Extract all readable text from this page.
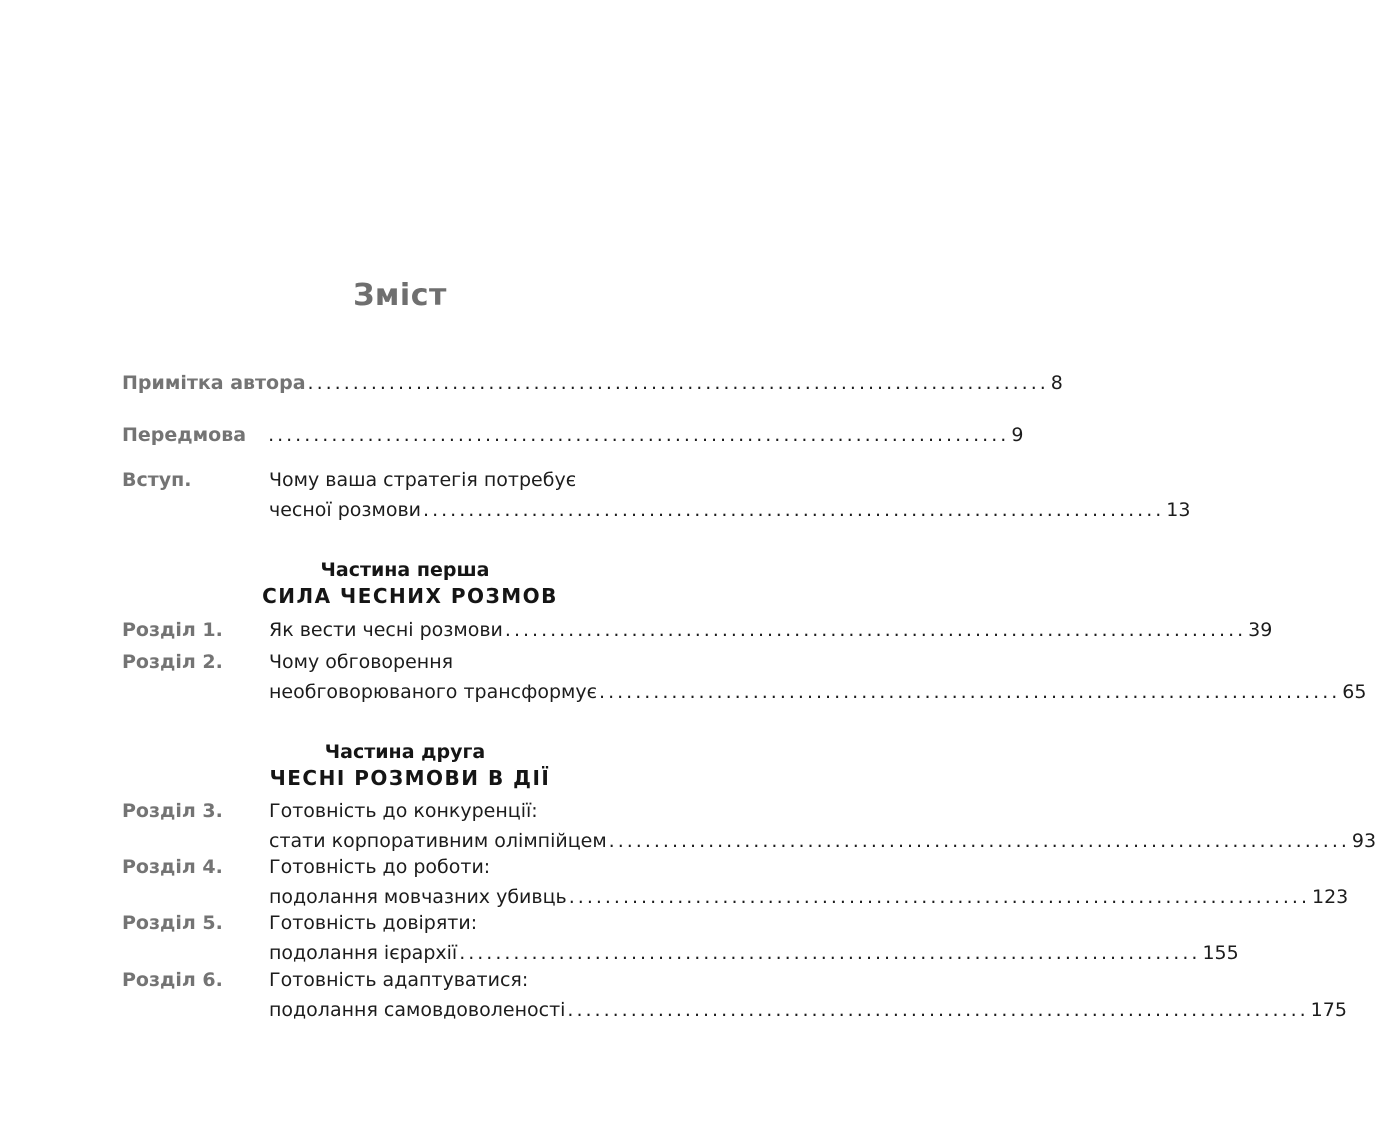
Зміст
Примітка автора .................................................................................. 8
Передмова .................................................................................. 9
Вступ.	Чому ваша стратегія потребує
чесної розмови .................................................................................. 13
Частина перша
СИЛА ЧЕСНИХ РОЗМОВ
Розділ 1. Як вести чесні розмови .................................................................................. 39
Розділ 2. Чому обговорення
необговорюваного трансформує .................................................................................. 65
Частина друга
ЧЕСНІ РОЗМОВИ В ДІЇ
Розділ 3. Готовність до конкуренції:
стати корпоративним олімпійцем .................................................................................. 93
Розділ 4. Готовність до роботи:
подолання мовчазних убивць .................................................................................. 123
Розділ 5. Готовність довіряти:
подолання ієрархії .................................................................................. 155
Розділ 6. Готовність адаптуватися:
подолання самовдоволеності .................................................................................. 175
